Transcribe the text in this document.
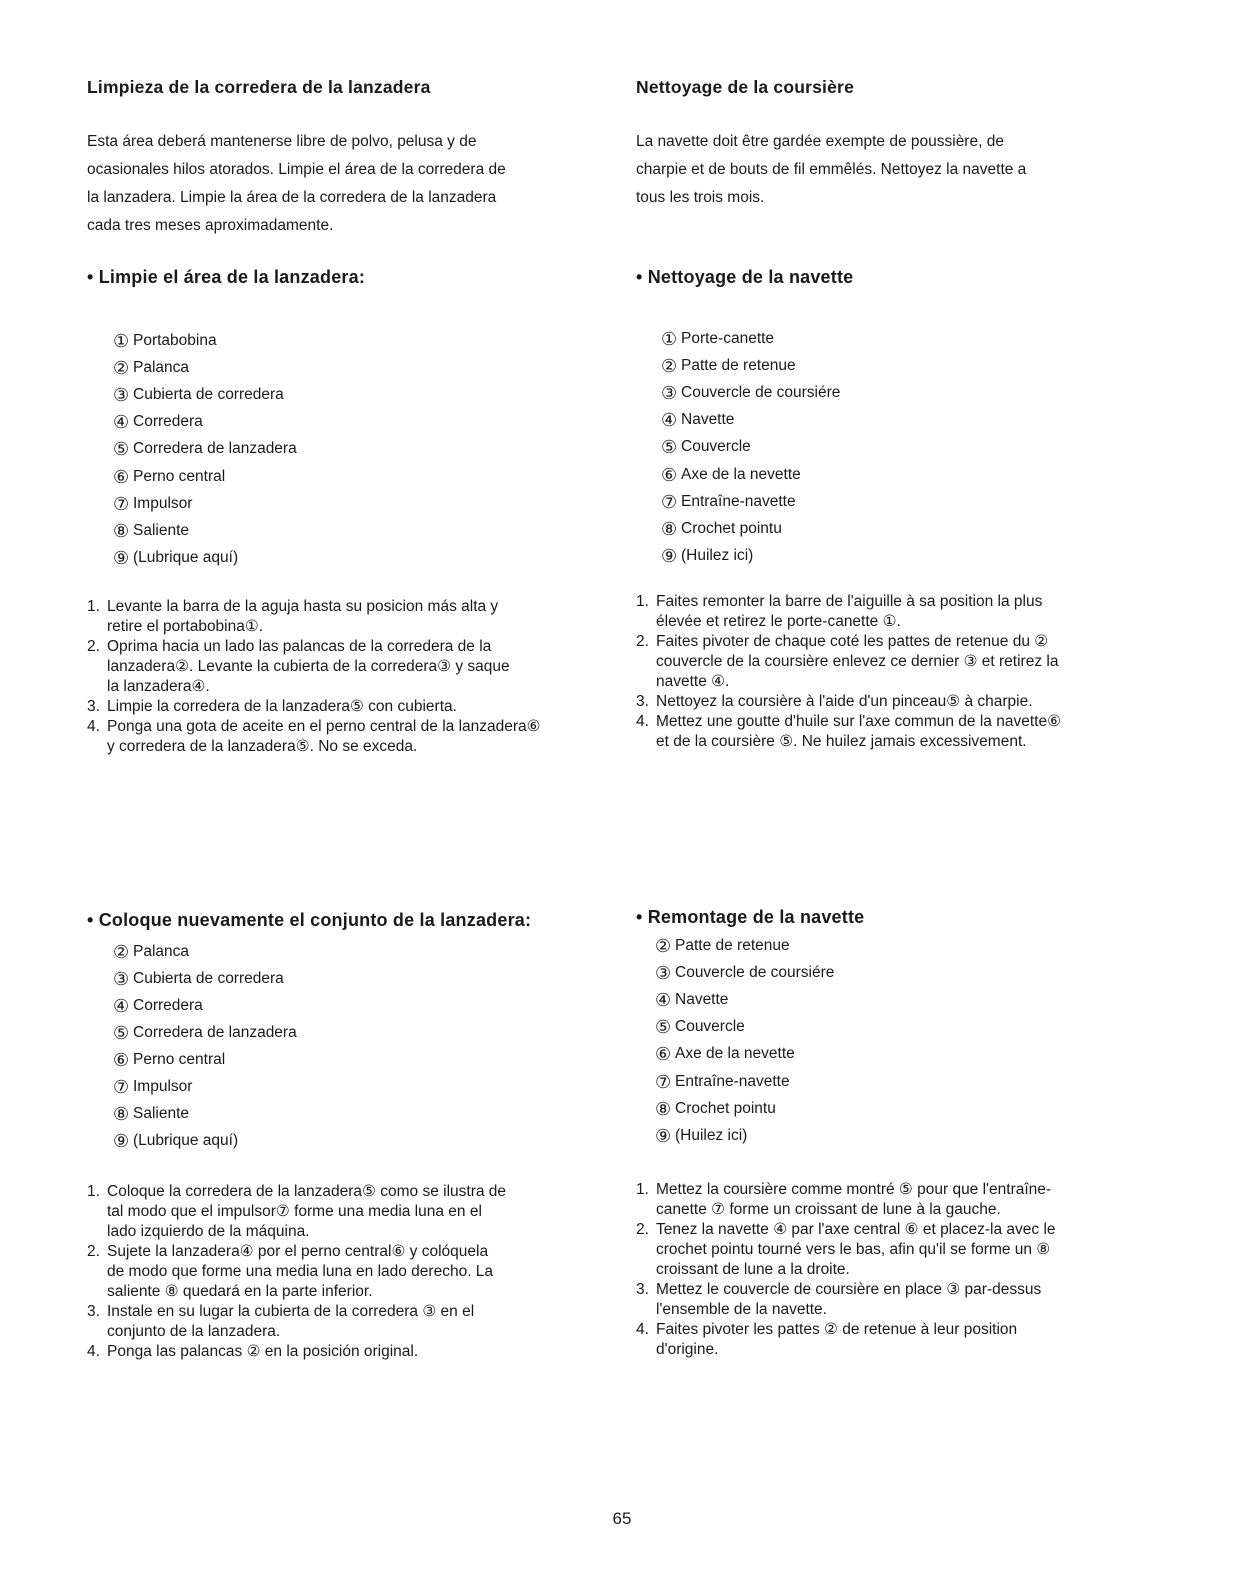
Limpieza de la corredera de la lanzadera

Esta área deberá mantenerse libre de polvo, pelusa y de

ocasionales hilos atorados. Limpie el área de la corredera de

la lanzadera. Limpie la área de la corredera de la lanzadera

cada tres meses aproximadamente.

• Limpie el área de la lanzadera:
① Portabobina
② Palanca
③ Cubierta de corredera
④ Corredera
⑤ Corredera de lanzadera
⑥ Perno central
⑦ Impulsor
⑧ Saliente
⑨ (Lubrique aquí)
1. Levante la barra de la aguja hasta su posicion más alta y
retire el portabobina①.
2. Oprima hacia un lado las palancas de la corredera de la
lanzadera②. Levante la cubierta de la corredera③ y saque
la lanzadera④.
3. Limpie la corredera de la lanzadera⑤ con cubierta.
4. Ponga una gota de aceite en el perno central de la lanzadera⑥
y corredera de la lanzadera⑤. No se exceda.
• Coloque nuevamente el conjunto de la lanzadera:
② Palanca
③ Cubierta de corredera
④ Corredera
⑤ Corredera de lanzadera
⑥ Perno central
⑦ Impulsor
⑧ Saliente
⑨ (Lubrique aquí)
1. Coloque la corredera de la lanzadera⑤ como se ilustra de
tal modo que el impulsor⑦ forme una media luna en el
lado izquierdo de la máquina.
2. Sujete la lanzadera④ por el perno central⑥ y colóquela
de modo que forme una media luna en lado derecho. La
saliente ⑧ quedará en la parte inferior.
3. Instale en su lugar la cubierta de la corredera ③ en el
conjunto de la lanzadera.
4. Ponga las palancas ② en la posición original.
Nettoyage de la coursière

La navette doit être gardée exempte de poussière, de

charpie et de bouts de fil emmêlés. Nettoyez la navette a

tous les trois mois.

• Nettoyage de la navette
① Porte-canette
② Patte de retenue
③ Couvercle de coursiére
④ Navette
⑤ Couvercle
⑥ Axe de la nevette
⑦ Entraîne-navette
⑧ Crochet pointu
⑨ (Huilez ici)
1. Faites remonter la barre de l'aiguille à sa position la plus
élevée et retirez le porte-canette ①.
2. Faites pivoter de chaque coté les pattes de retenue du ②
couvercle de la coursière enlevez ce dernier ③ et retirez la
navette ④.
3. Nettoyez la coursière à l'aide d'un pinceau⑤ à charpie.
4. Mettez une goutte d'huile sur l'axe commun de la navette⑥
et de la coursière ⑤. Ne huilez jamais excessivement.
• Remontage de la navette
② Patte de retenue
③ Couvercle de coursiére
④ Navette
⑤ Couvercle
⑥ Axe de la nevette
⑦ Entraîne-navette
⑧ Crochet pointu
⑨ (Huilez ici)
1. Mettez la coursière comme montré ⑤ pour que l'entraîne-
canette ⑦ forme un croissant de lune à la gauche.
2. Tenez la navette ④ par l'axe central ⑥ et placez-la avec le
crochet pointu tourné vers le bas, afin qu'il se forme un ⑧
croissant de lune a la droite.
3. Mettez le couvercle de coursière en place ③ par-dessus
l'ensemble de la navette.
4. Faites pivoter les pattes ② de retenue à leur position
d'origine.
65
